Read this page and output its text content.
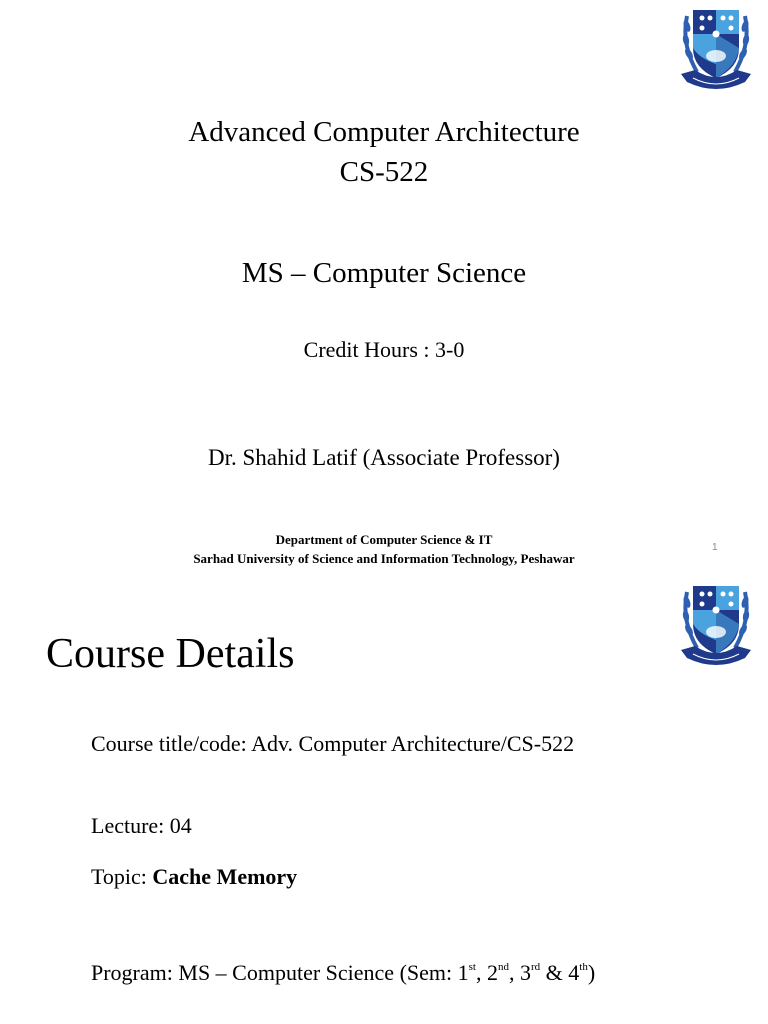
Advanced Computer Architecture
CS-522
MS – Computer Science
Credit Hours : 3-0
Dr. Shahid Latif (Associate Professor)
Department of Computer Science & IT
Sarhad University of Science and Information Technology, Peshawar
1
Course Details
Course title/code: Adv. Computer Architecture/CS-522
Lecture: 04
Topic: Cache Memory
Program: MS – Computer Science (Sem: 1st, 2nd, 3rd & 4th)
